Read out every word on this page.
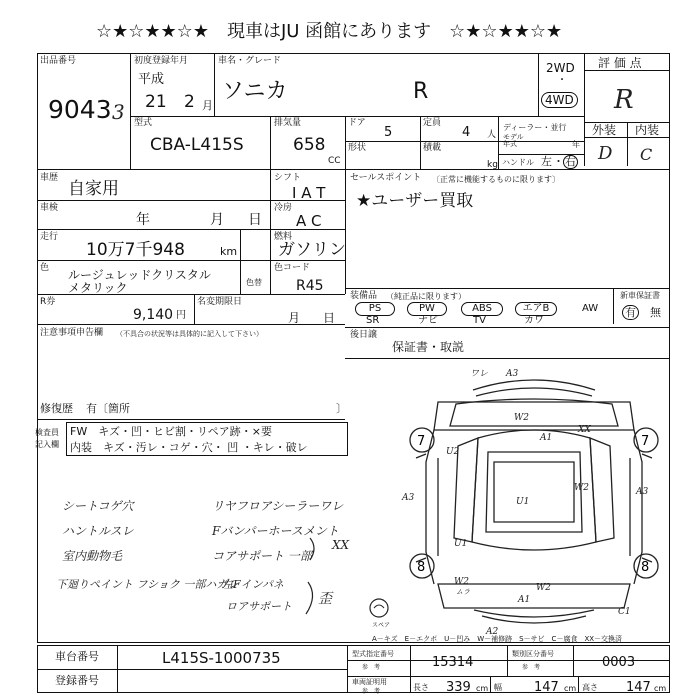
☆★☆★★☆★　現車はJU 函館にあります　☆★☆★★☆★
出品番号
9043 3
初度登録年月
平成
21 2 月
車名・グレード
ソニカ	R
2WD
・
4WD
評 価 点
R
外装 内装
D C
型式
CBA-L415S
排気量
658
CC
ドア
5
定員
4 人
ディーラー・並行
モデル
年式	年
形状	積載
kg ハンドル 左 ・ 右
車歴
自家用
シフト
I A T
車検
年	月 日
冷房
A C
走行
10万7千948	km
燃料
ガソリン
色 ルージュレッドクリスタル
メタリック	色替
色コード
R45
R券
9,140 円
名変期限日
月 日
注意事項申告欄 （不具合の状況等は具体的に記入して下さい）
修復歴 有〔箇所	〕
セールスポイント 〔正常に機能するものに限ります〕
★ユーザー買取
装備品 （純正品に限ります）	新車保証書
有 無
PS	PW	ABS	エアB	AW
SR	ナビ	TV	カワ
後日譲
保証書・取説
検査員
記入欄
FW　キズ・凹・ヒビ割・リペア跡・×要
内装　キズ・汚レ・コゲ・穴・ 凹 ・キレ・破レ
シートコゲ穴
ハントルスレ
室内動物毛
下廻りペイント フショク 一部ハガレ
リヤフロアシーラーワレ
Fバンパーホースメント
コアサポート 一部
左Fインパネ
ロアサポート
XX
歪
7	7
8	8
ワレ A3
W2
A1
XX
U2
U1
W2
A3
A3
U1
W2
A1
W2
C1
A2
ムラ
スペア
A－キズ　E－エクボ　U－凹み　W－補修跡　S－サビ　C－腐食　XX－交換済
車台番号	L415S-1000735
登録番号
型式指定番号
参　考	15314
類別区分番号
参　考	0003
車両証明用
参　考	長さ 339 cm 幅 147 cm 高さ 147 cm
